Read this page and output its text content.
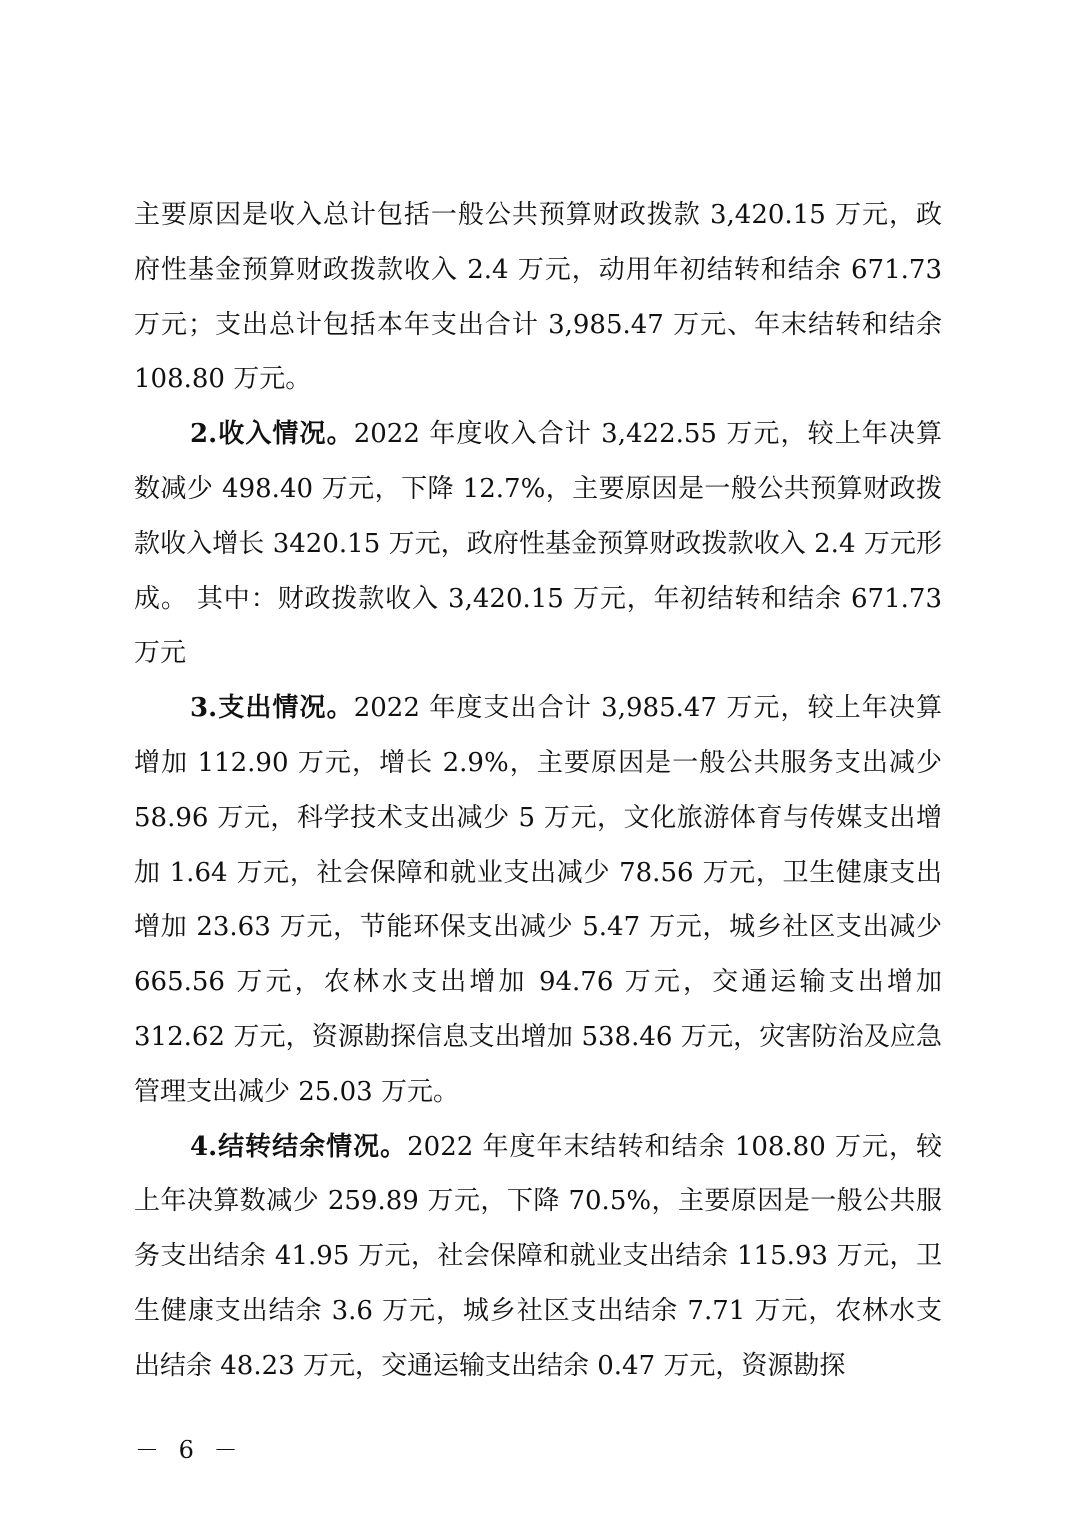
主要原因是收入总计包括一般公共预算财政拨款 3,420.15 万元，政府性基金预算财政拨款收入 2.4 万元，动用年初结转和结余 671.73 万元；支出总计包括本年支出合计 3,985.47 万元、年末结转和结余 108.80 万元。

2.收入情况。2022 年度收入合计 3,422.55 万元，较上年决算数减少 498.40 万元，下降 12.7%，主要原因是一般公共预算财政拨款收入增长 3420.15 万元，政府性基金预算财政拨款收入 2.4 万元形成。 其中：财政拨款收入 3,420.15 万元，年初结转和结余 671.73 万元

3.支出情况。2022 年度支出合计 3,985.47 万元，较上年决算增加 112.90 万元，增长 2.9%，主要原因是一般公共服务支出减少 58.96 万元，科学技术支出减少 5 万元，文化旅游体育与传媒支出增加 1.64 万元，社会保障和就业支出减少 78.56 万元，卫生健康支出增加 23.63 万元，节能环保支出减少 5.47 万元，城乡社区支出减少 665.56 万元，农林水支出增加 94.76 万元，交通运输支出增加 312.62 万元，资源勘探信息支出增加 538.46 万元，灾害防治及应急管理支出减少 25.03 万元。

4.结转结余情况。2022 年度年末结转和结余 108.80 万元，较上年决算数减少 259.89 万元，下降 70.5%，主要原因是一般公共服务支出结余 41.95 万元，社会保障和就业支出结余 115.93 万元，卫生健康支出结余 3.6 万元，城乡社区支出结余 7.71 万元，农林水支出结余 48.23 万元，交通运输支出结余 0.47 万元，资源勘探

－ 6 －
